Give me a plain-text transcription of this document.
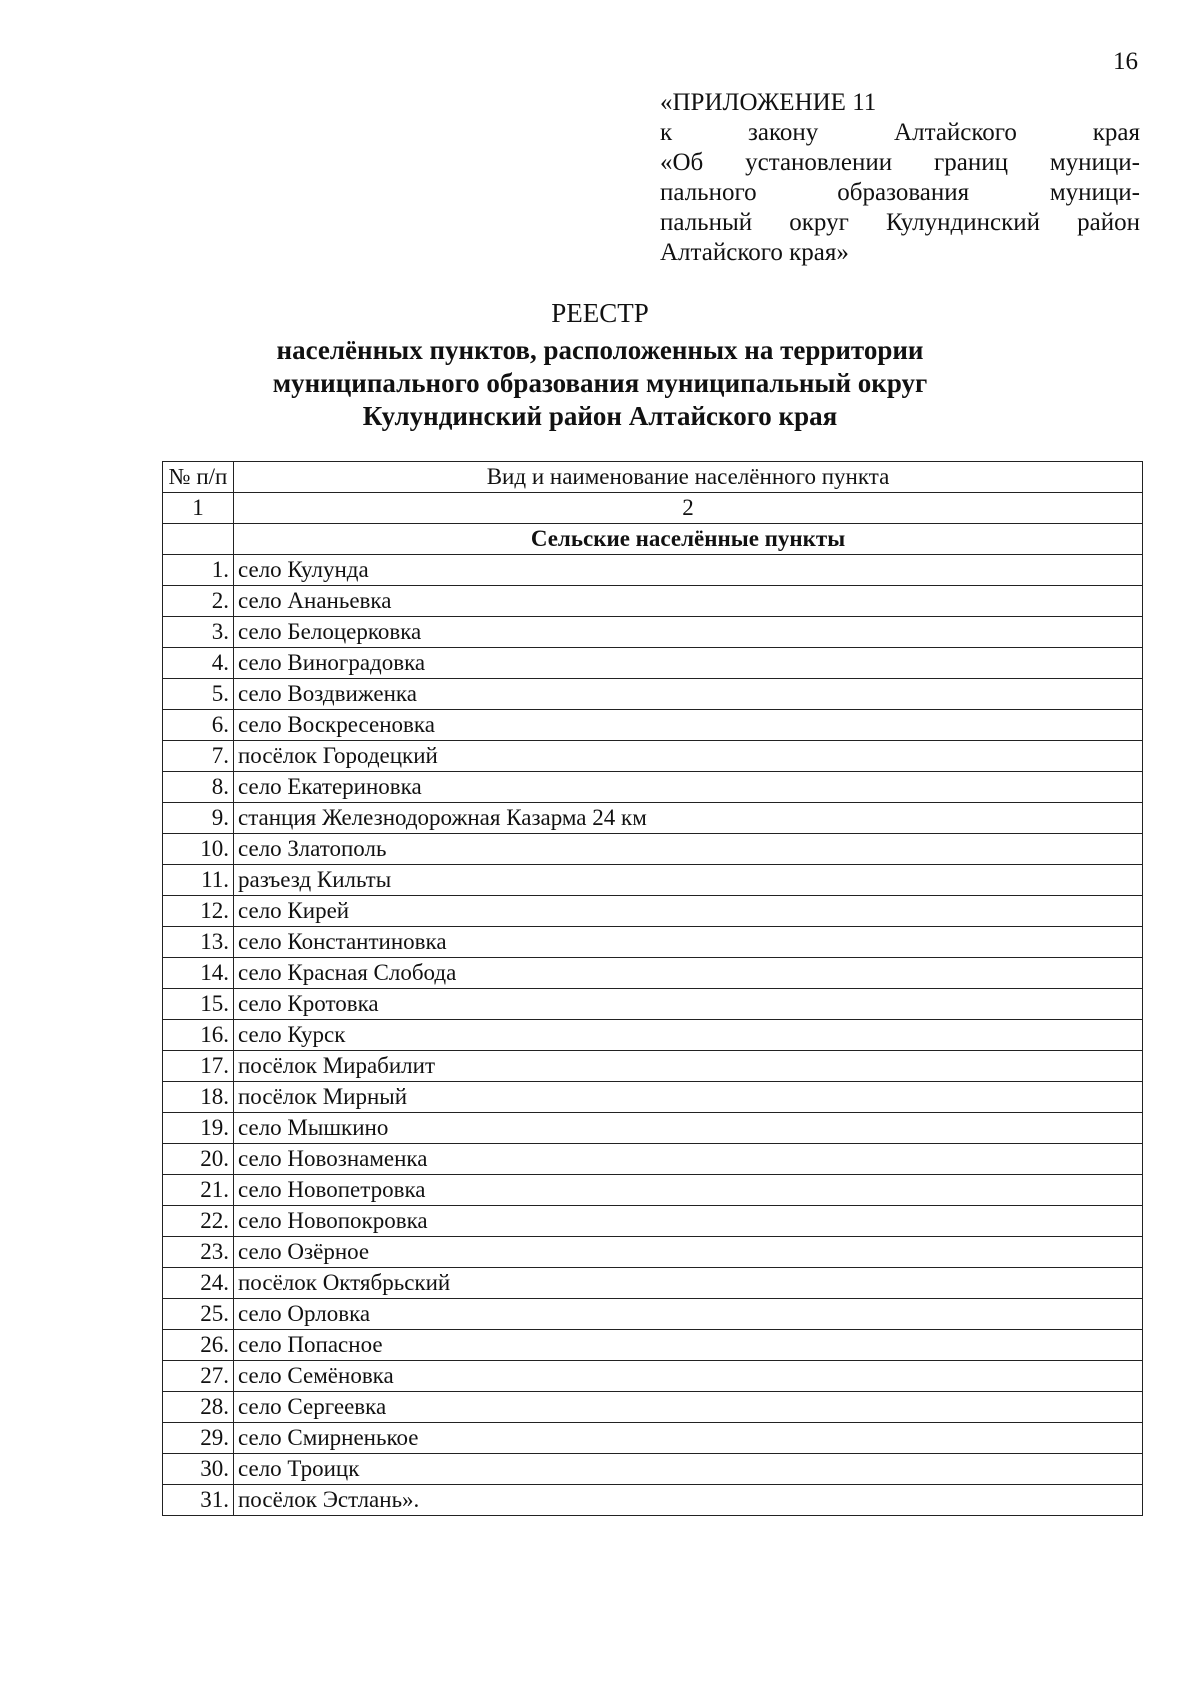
16
«ПРИЛОЖЕНИЕ 11
к закону Алтайского края
«Об установлении границ муници-
пального образования муници-
пальный округ Кулундинский район
Алтайского края»
РЕЕСТР
населённых пунктов, расположенных на территории муниципального образования муниципальный округ Кулундинский район Алтайского края
№ п/п	Вид и наименование населённого пункта
1	2
	Сельские населённые пункты
1.	село Кулунда
2.	село Ананьевка
3.	село Белоцерковка
4.	село Виноградовка
5.	село Воздвиженка
6.	село Воскресеновка
7.	посёлок Городецкий
8.	село Екатериновка
9.	станция Железнодорожная Казарма 24 км
10.	село Златополь
11.	разъезд Кильты
12.	село Кирей
13.	село Константиновка
14.	село Красная Слобода
15.	село Кротовка
16.	село Курск
17.	посёлок Мирабилит
18.	посёлок Мирный
19.	село Мышкино
20.	село Новознаменка
21.	село Новопетровка
22.	село Новопокровка
23.	село Озёрное
24.	посёлок Октябрьский
25.	село Орловка
26.	село Попасное
27.	село Семёновка
28.	село Сергеевка
29.	село Смирненькое
30.	село Троицк
31.	посёлок Эстлань».
